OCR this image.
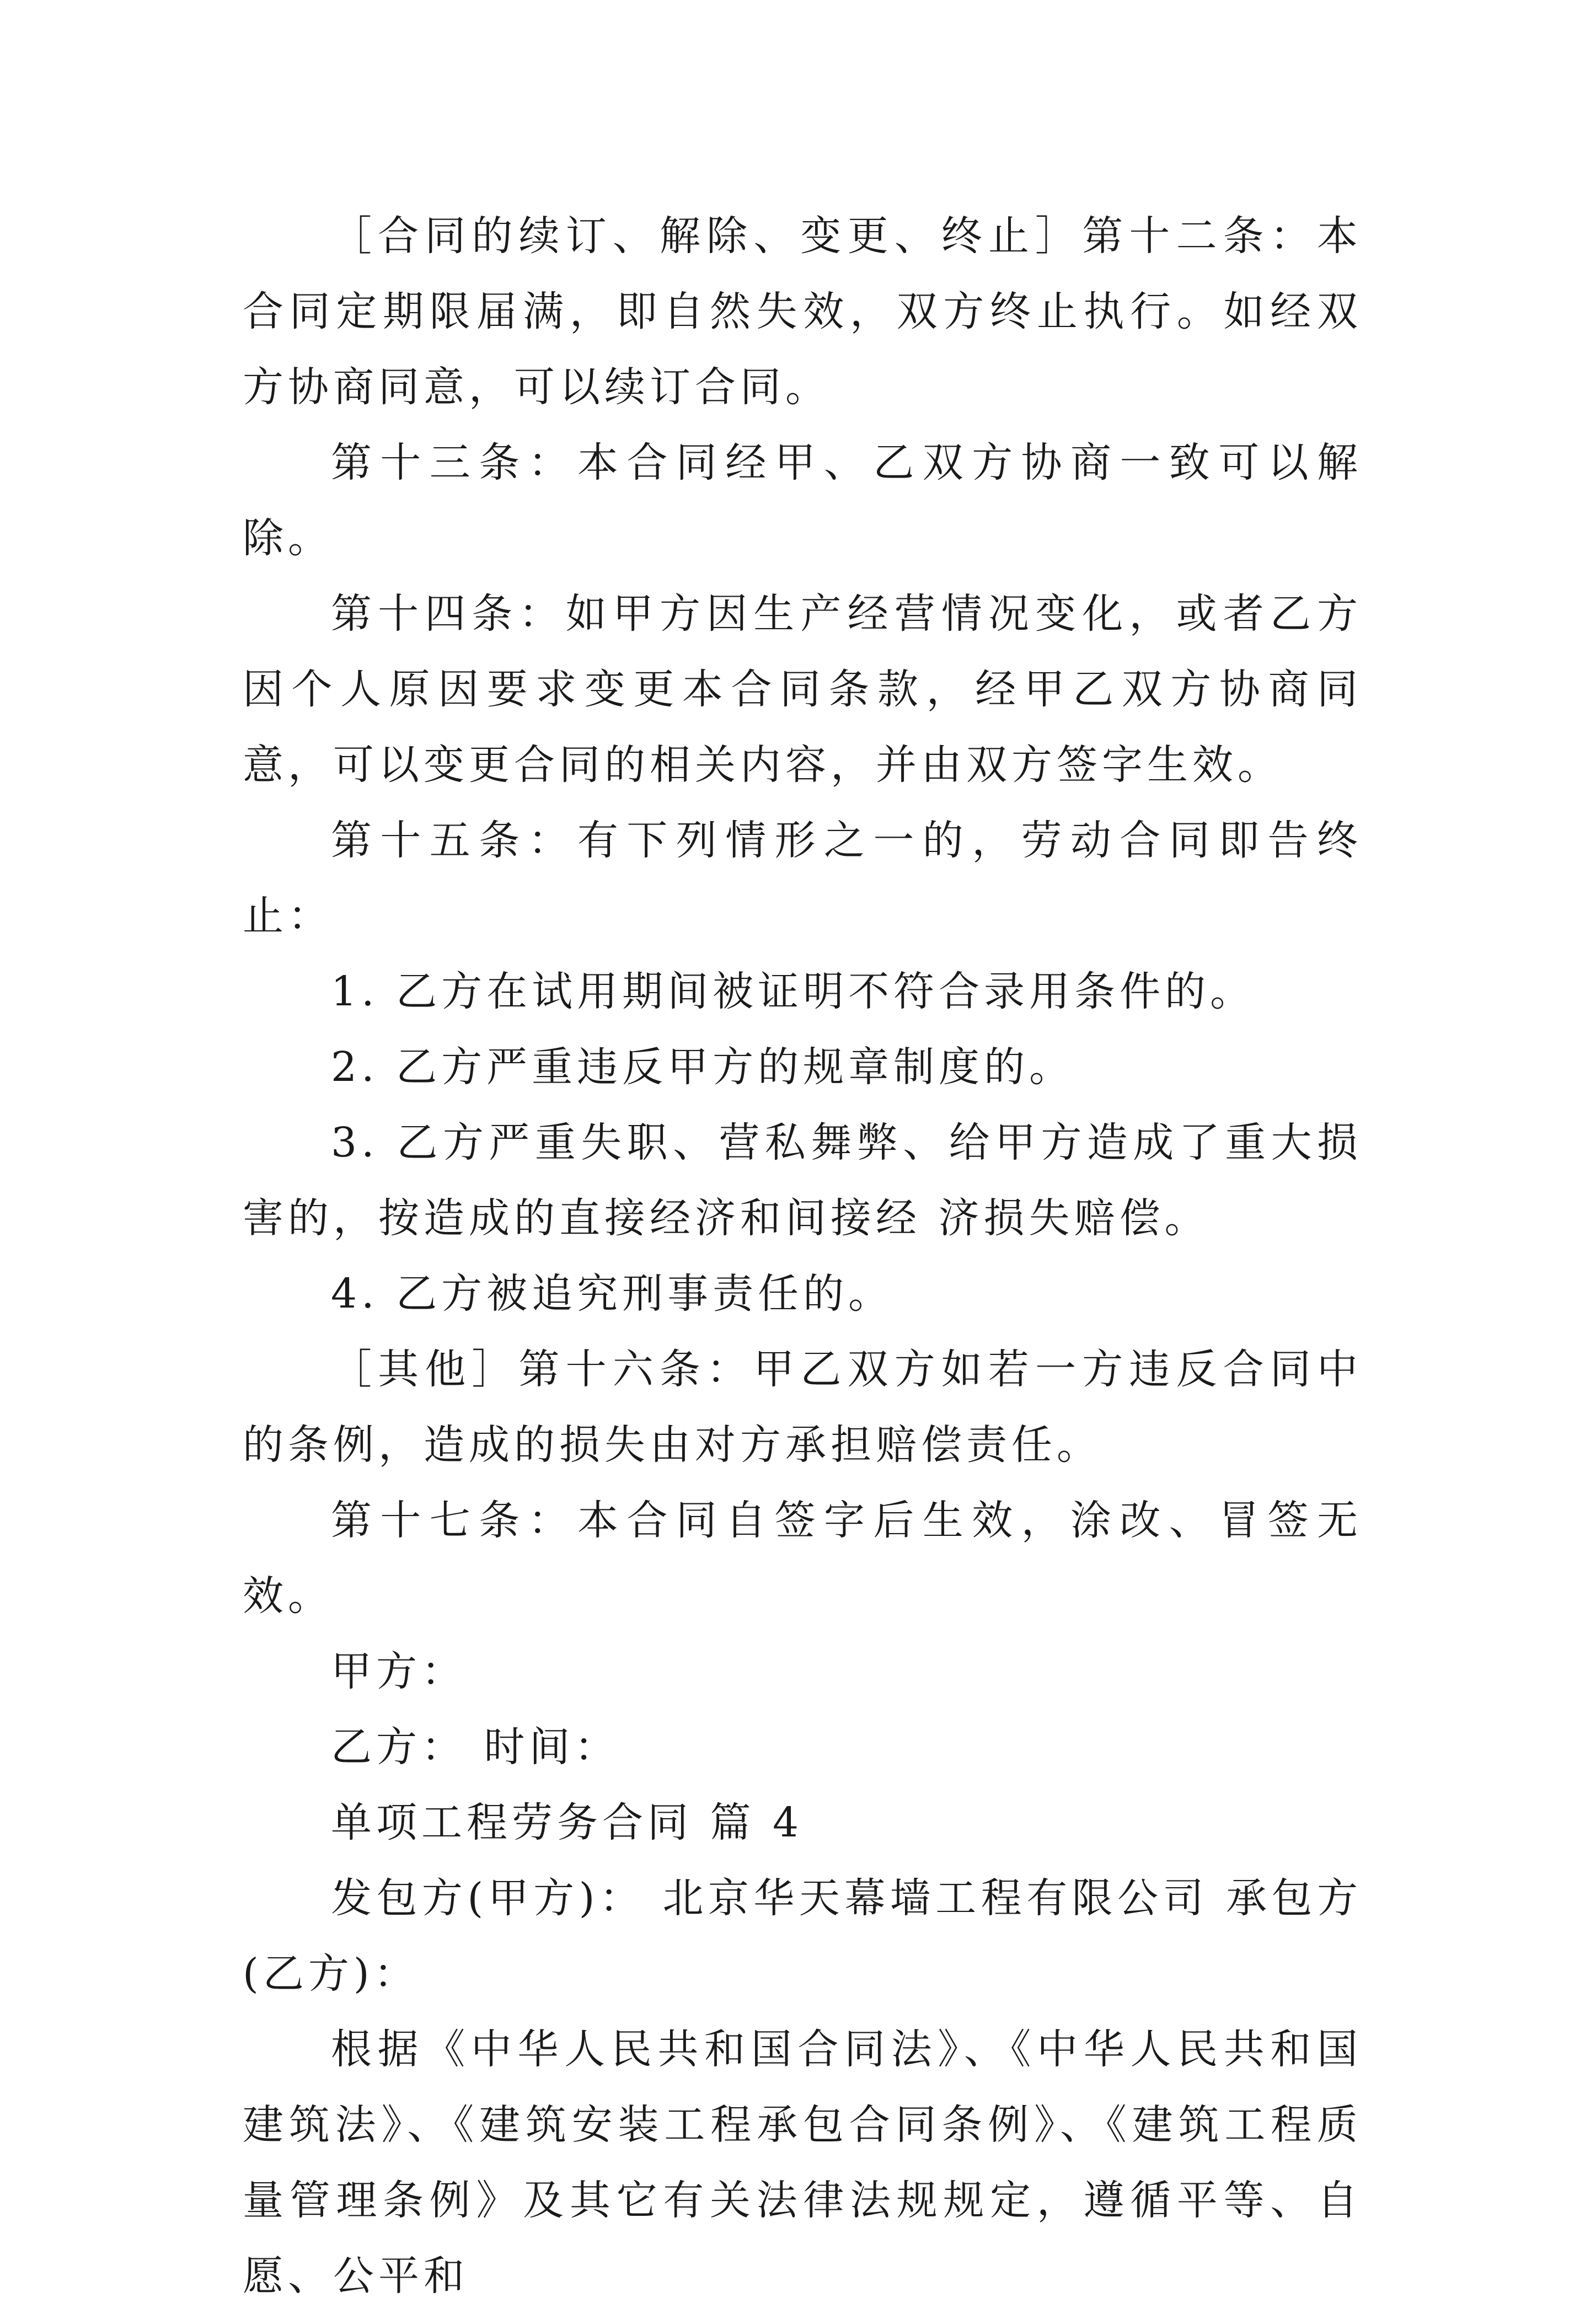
［合同的续订、解除、变更、终止］第十二条：本合同定期限届满，即自然失效，双方终止执行。如经双方协商同意，可以续订合同。

第十三条：本合同经甲、乙双方协商一致可以解除。

第十四条：如甲方因生产经营情况变化，或者乙方因个人原因要求变更本合同条款，经甲乙双方协商同意，可以变更合同的相关内容，并由双方签字生效。

第十五条：有下列情形之一的，劳动合同即告终止：

1. 乙方在试用期间被证明不符合录用条件的。

2. 乙方严重违反甲方的规章制度的。

3. 乙方严重失职、营私舞弊、给甲方造成了重大损害的，按造成的直接经济和间接经 济损失赔偿。

4. 乙方被追究刑事责任的。

［其他］第十六条：甲乙双方如若一方违反合同中的条例，造成的损失由对方承担赔偿责任。

第十七条：本合同自签字后生效，涂改、冒签无效。

甲方：

乙方： 时间：

单项工程劳务合同 篇 4

发包方(甲方)： 北京华天幕墙工程有限公司 承包方(乙方)：

根据《中华人民共和国合同法》、《中华人民共和国建筑法》、《建筑安装工程承包合同条例》、《建筑工程质量管理条例》及其它有关法律法规规定，遵循平等、自愿、公平和
